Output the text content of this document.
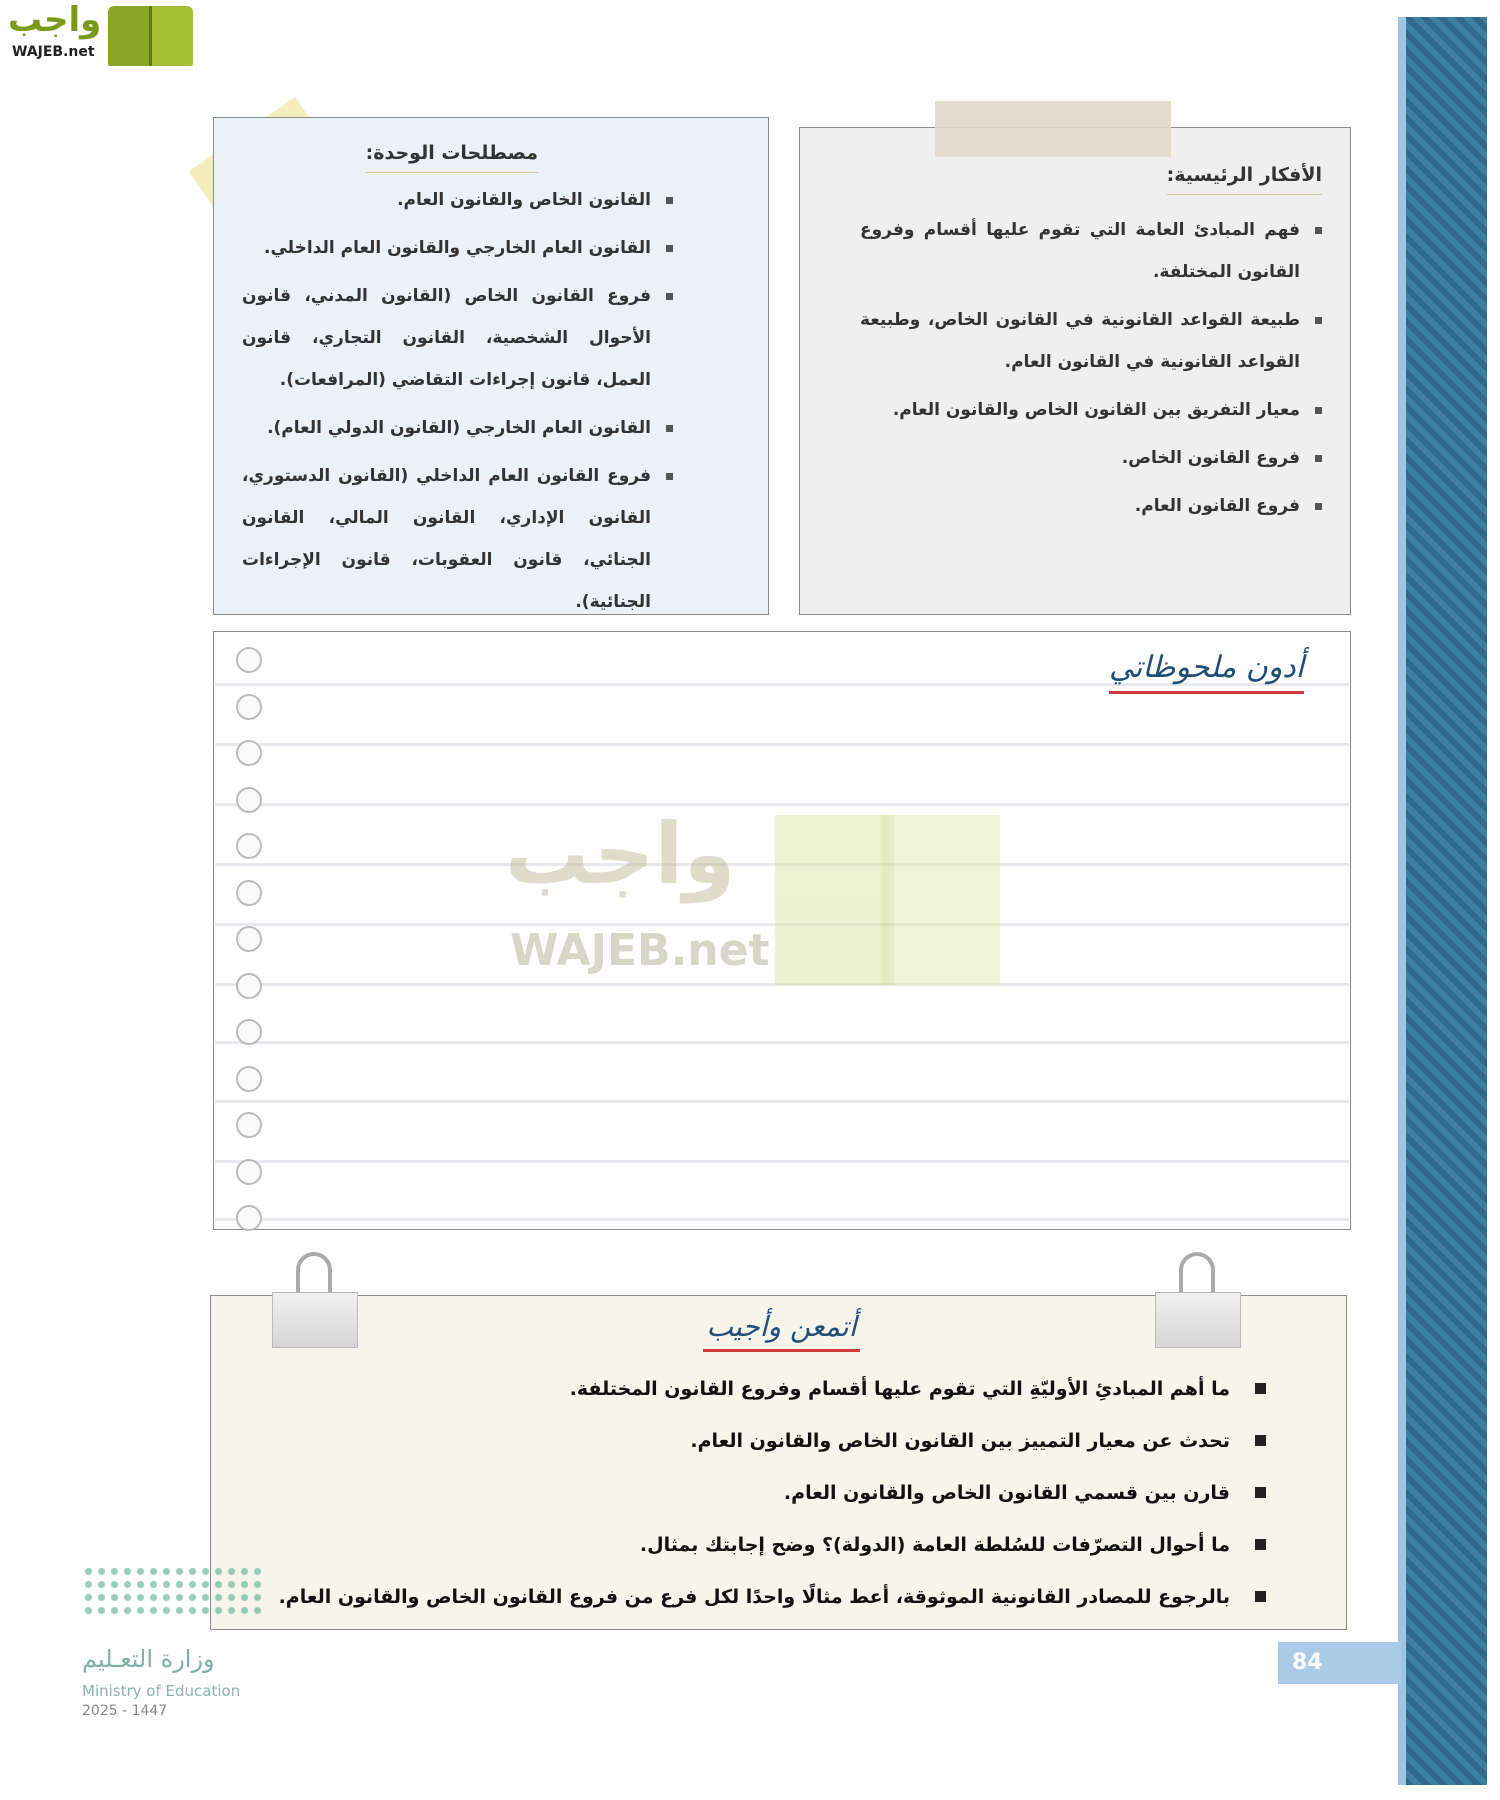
واجب
WAJEB.net
مصطلحات الوحدة:
القانون الخاص والقانون العام.
القانون العام الخارجي والقانون العام الداخلي.
فروع القانون الخاص (القانون المدني، قانون الأحوال الشخصية، القانون التجاري، قانون العمل، قانون إجراءات التقاضي (المرافعات).
القانون العام الخارجي (القانون الدولي العام).
فروع القانون العام الداخلي (القانون الدستوري، القانون الإداري، القانون المالي، القانون الجنائي، قانون العقوبات، قانون الإجراءات الجنائية).
الأفكار الرئيسية:
فهم المبادئ العامة التي تقوم عليها أقسام وفروع القانون المختلفة.
طبيعة القواعد القانونية في القانون الخاص، وطبيعة القواعد القانونية في القانون العام.
معيار التفريق بين القانون الخاص والقانون العام.
فروع القانون الخاص.
فروع القانون العام.
أدون ملحوظاتي
واجب
WAJEB.net
ما أهم المبادئِ الأوليّةِ التي تقوم عليها أقسام وفروع القانون المختلفة.
تحدث عن معيار التمييز بين القانون الخاص والقانون العام.
قارن بين قسمي القانون الخاص والقانون العام.
ما أحوال التصرّفات للسُلطة العامة (الدولة)؟ وضح إجابتك بمثال.
بالرجوع للمصادر القانونية الموثوقة، أعط مثالًا واحدًا لكل فرع من فروع القانون الخاص والقانون العام.
أتمعن وأجيب
وزارة التعـليم
Ministry of Education
2025 - 1447
84
